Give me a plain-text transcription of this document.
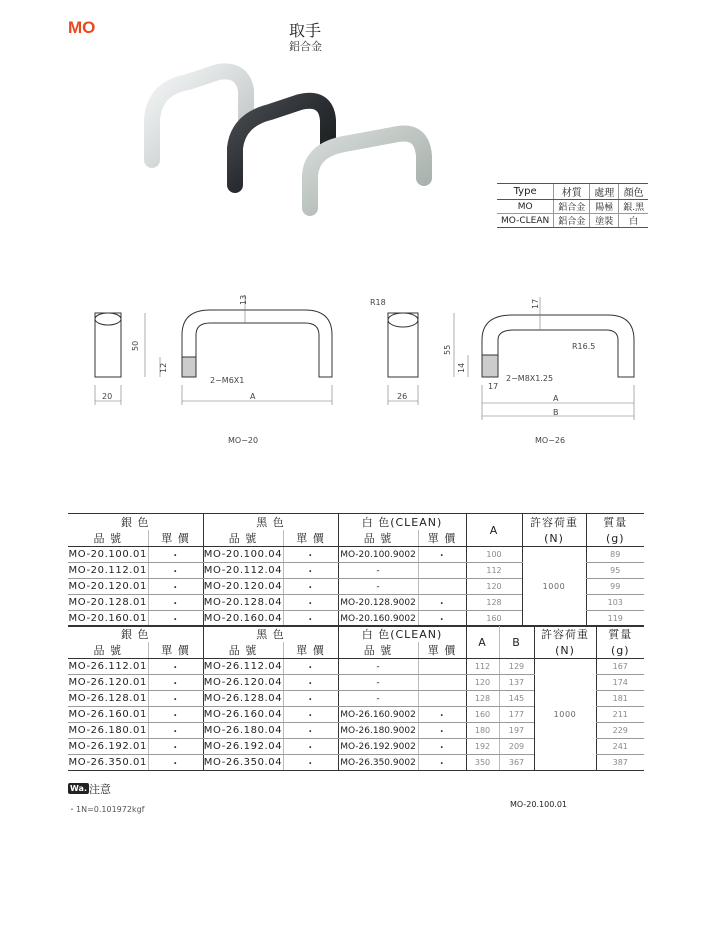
MO	取手
鋁合金
Type	材質	處理	顏色
MO	鋁合金	陽極	銀.黑
MO-CLEAN	鋁合金	塗裝	白
20
50
13
12
2−M6X1
A
MO−20
R18
26
55
17
R16.5
14
17
2−M8X1.25
A
B
MO−26
銀 色		黑 色		白 色(CLEAN)		A	許容荷重	質量
品 號	單 價	品 號	單 價	品 號	單 價		(N)	(g)
MO-20.100.01	・	MO-20.100.04	・	MO-20.100.9002	・	100	1000	89
MO-20.112.01	・	MO-20.112.04	・	-		112		95
MO-20.120.01	・	MO-20.120.04	・	-		120		99
MO-20.128.01	・	MO-20.128.04	・	MO-20.128.9002	・	128		103
MO-20.160.01	・	MO-20.160.04	・	MO-20.160.9002	・	160		119
銀 色		黑 色		白 色(CLEAN)		A	B	許容荷重	質量
品 號	單 價	品 號	單 價	品 號	單 價			(N)	(g)
MO-26.112.01	・	MO-26.112.04	・	-		112	129	1000	167
MO-26.120.01	・	MO-26.120.04	・	-		120	137		174
MO-26.128.01	・	MO-26.128.04	・	-		128	145		181
MO-26.160.01	・	MO-26.160.04	・	MO-26.160.9002	・	160	177		211
MO-26.180.01	・	MO-26.180.04	・	MO-26.180.9002	・	180	197		229
MO-26.192.01	・	MO-26.192.04	・	MO-26.192.9002	・	192	209		241
MO-26.350.01	・	MO-26.350.04	・	MO-26.350.9002	・	350	367		387
Wa. 注意
・1N=0.101972kgf
MO-20.100.01
